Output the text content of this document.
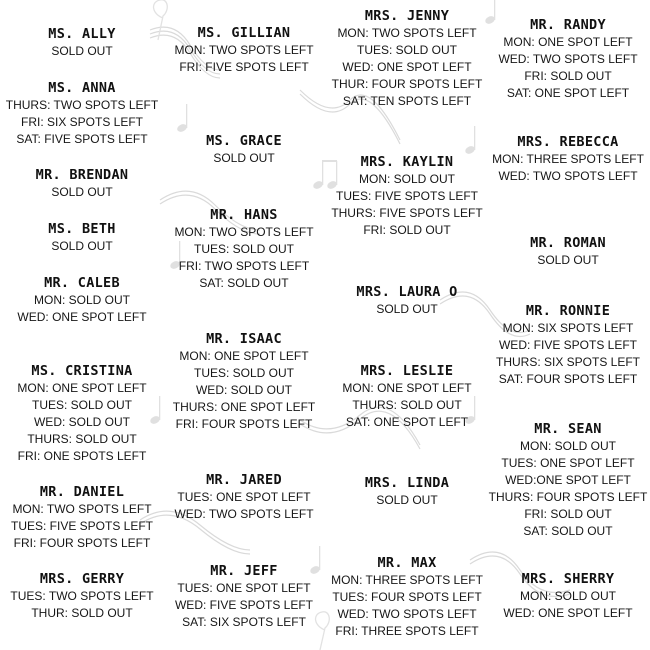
MS. ALLY
SOLD OUT
MS. ANNA
THURS: TWO SPOTS LEFT
FRI: SIX SPOTS LEFT
SAT: FIVE SPOTS LEFT
MR. BRENDAN
SOLD OUT
MS. BETH
SOLD OUT
MR. CALEB
MON: SOLD OUT
WED: ONE SPOT LEFT
MS. CRISTINA
MON: ONE SPOT LEFT
TUES: SOLD OUT
WED: SOLD OUT
THURS: SOLD OUT
FRI: ONE SPOTS LEFT
MR. DANIEL
MON: TWO SPOTS LEFT
TUES: FIVE SPOTS LEFT
FRI: FOUR SPOTS LEFT
MRS. GERRY
TUES: TWO SPOTS LEFT
THUR: SOLD OUT
MS. GILLIAN
MON: TWO SPOTS LEFT
FRI: FIVE SPOTS LEFT
MS. GRACE
SOLD OUT
MR. HANS
MON: TWO SPOTS LEFT
TUES: SOLD OUT
FRI: TWO SPOTS LEFT
SAT: SOLD OUT
MR. ISAAC
MON: ONE SPOT LEFT
TUES: SOLD OUT
WED: SOLD OUT
THURS: ONE SPOT LEFT
FRI: FOUR SPOTS LEFT
MR. JARED
TUES: ONE SPOT LEFT
WED: TWO SPOTS LEFT
MR. JEFF
TUES: ONE SPOT LEFT
WED: FIVE SPOTS LEFT
SAT: SIX SPOTS LEFT
MRS. JENNY
MON: TWO SPOTS LEFT
TUES: SOLD OUT
WED: ONE SPOT LEFT
THUR: FOUR SPOTS LEFT
SAT: TEN SPOTS LEFT
MRS. KAYLIN
MON: SOLD OUT
TUES: FIVE SPOTS LEFT
THURS: FIVE SPOTS LEFT
FRI: SOLD OUT
MRS. LAURA O
SOLD OUT
MRS. LESLIE
MON: ONE SPOT LEFT
THURS: SOLD OUT
SAT: ONE SPOT LEFT
MRS. LINDA
SOLD OUT
MR. MAX
MON: THREE SPOTS LEFT
TUES: FOUR SPOTS LEFT
WED: TWO SPOTS LEFT
FRI: THREE SPOTS LEFT
MR. RANDY
MON: ONE SPOT LEFT
WED: TWO SPOTS LEFT
FRI: SOLD OUT
SAT: ONE SPOT LEFT
MRS. REBECCA
MON: THREE SPOTS LEFT
WED: TWO SPOTS LEFT
MR. ROMAN
SOLD OUT
MR. RONNIE
MON: SIX SPOTS LEFT
WED: FIVE SPOTS LEFT
THURS: SIX SPOTS LEFT
SAT: FOUR SPOTS LEFT
MR. SEAN
MON: SOLD OUT
TUES: ONE SPOT LEFT
WED:ONE SPOT LEFT
THURS: FOUR SPOTS LEFT
FRI: SOLD OUT
SAT: SOLD OUT
MRS. SHERRY
MON: SOLD OUT
WED: ONE SPOT LEFT
